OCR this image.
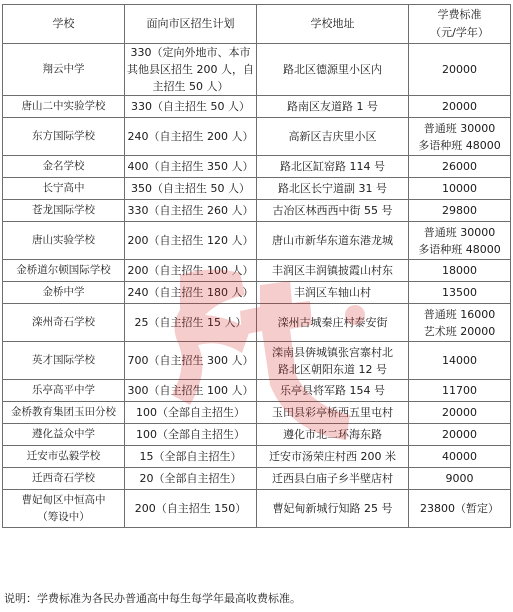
学校	面向市区招生计划	学校地址	学费标准
（元/学年）

翔云中学	330（定向外地市、本市
其他县区招生 200 人，自
主招生 50 人）	路北区德源里小区内	20000

唐山二中实验学校	330（自主招生 50 人）	路南区友道路 1 号	20000

东方国际学校	240（自主招生 200 人）	高新区吉庆里小区	普通班 30000
多语种班 48000

金名学校	400（自主招生 350 人）	路北区缸窑路 114 号	26000

长宁高中	350（自主招生 50 人）	路北区长宁道副 31 号	10000

苍龙国际学校	330（自主招生 260 人）	古冶区林西西中街 55 号	29800

唐山实验学校	200（自主招生 120 人）	唐山市新华东道东港龙城	普通班 30000
多语种班 48000

金桥道尔顿国际学校	200（自主招生 100 人）	丰润区丰润镇披霞山村东	18000

金桥中学	240（自主招生 180 人）	丰润区车轴山村	13500

滦州奇石学校	25（自主招生 15 人）	滦州古城秦庄村泰安街	普通班 16000
艺术班 20000

英才国际学校	700（自主招生 300 人）	滦南县倴城镇张宫寨村北
路北区朝阳东道 12 号	14000

乐亭高平中学	300（自主招生 100 人）	乐亭县将军路 154 号	11700

金桥教育集团玉田分校	100（全部自主招生）	玉田县彩亭桥西五里屯村	20000

遵化益众中学	100（全部自主招生）	遵化市北二环海东路	20000

迁安市弘毅学校	15（全部自主招生）	迁安市汤荣庄村西 200 米	40000

迁西奇石学校	20（全部自主招生）	迁西县白庙子乡半壁店村	9000

曹妃甸区中恒高中
（筹设中）	200（自主招生 150）	曹妃甸新城行知路 25 号	23800（暂定）
说明：学费标准为各民办普通高中每生每学年最高收费标准。
